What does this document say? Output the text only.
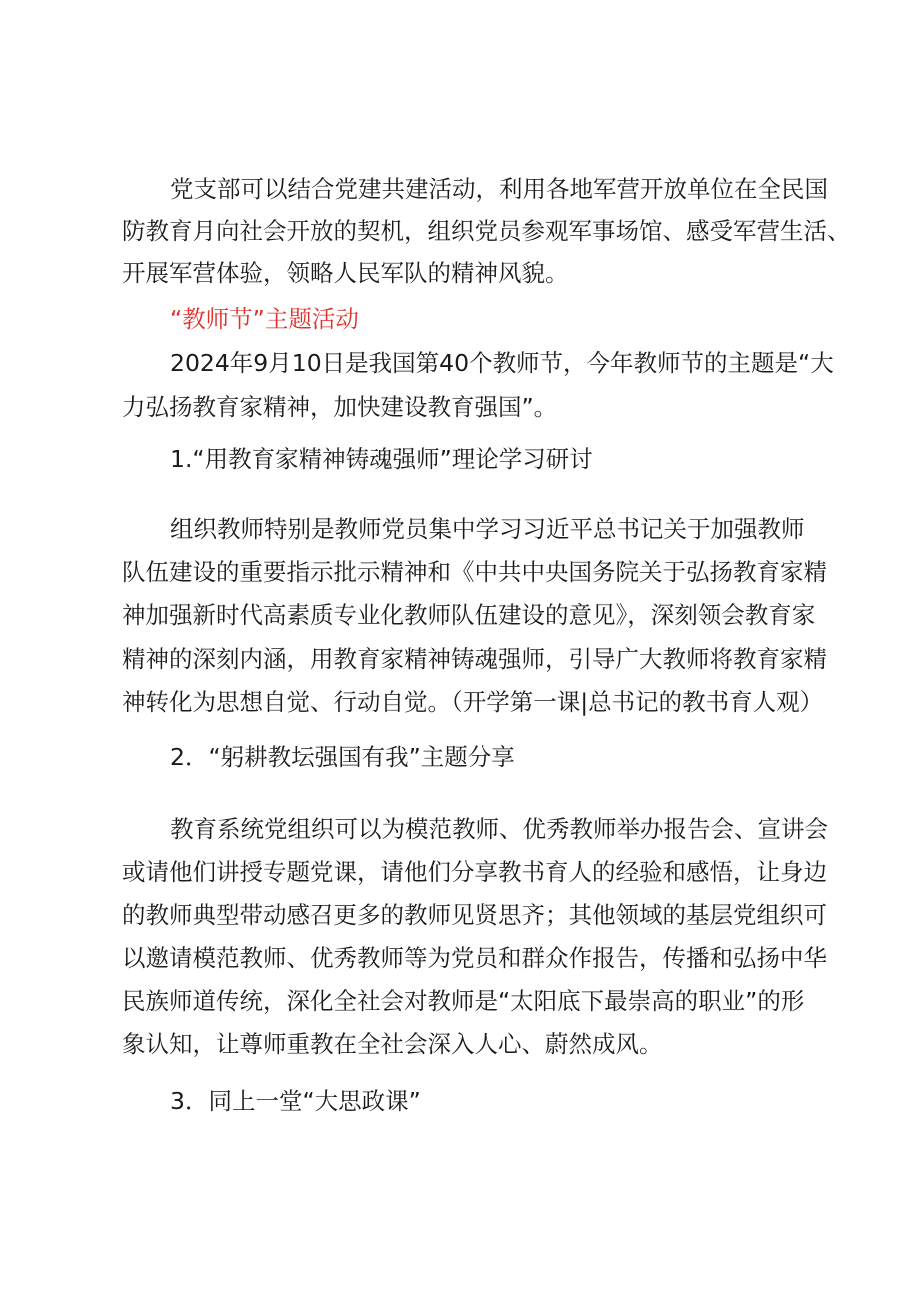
党支部可以结合党建共建活动，利用各地军营开放单位在全民国
防教育月向社会开放的契机，组织党员参观军事场馆、感受军营生活、
开展军营体验，领略人民军队的精神风貌。
“教师节”主题活动
2024年9月10日是我国第40个教师节，今年教师节的主题是“大
力弘扬教育家精神，加快建设教育强国”。
1.“用教育家精神铸魂强师”理论学习研讨
组织教师特别是教师党员集中学习习近平总书记关于加强教师
队伍建设的重要指示批示精神和《中共中央国务院关于弘扬教育家精
神加强新时代高素质专业化教师队伍建设的意见》，深刻领会教育家
精神的深刻内涵，用教育家精神铸魂强师，引导广大教师将教育家精
神转化为思想自觉、行动自觉。（开学第一课|总书记的教书育人观）
2．“躬耕教坛强国有我”主题分享
教育系统党组织可以为模范教师、优秀教师举办报告会、宣讲会
或请他们讲授专题党课，请他们分享教书育人的经验和感悟，让身边
的教师典型带动感召更多的教师见贤思齐；其他领域的基层党组织可
以邀请模范教师、优秀教师等为党员和群众作报告，传播和弘扬中华
民族师道传统，深化全社会对教师是“太阳底下最崇高的职业”的形
象认知，让尊师重教在全社会深入人心、蔚然成风。
3．同上一堂“大思政课”
